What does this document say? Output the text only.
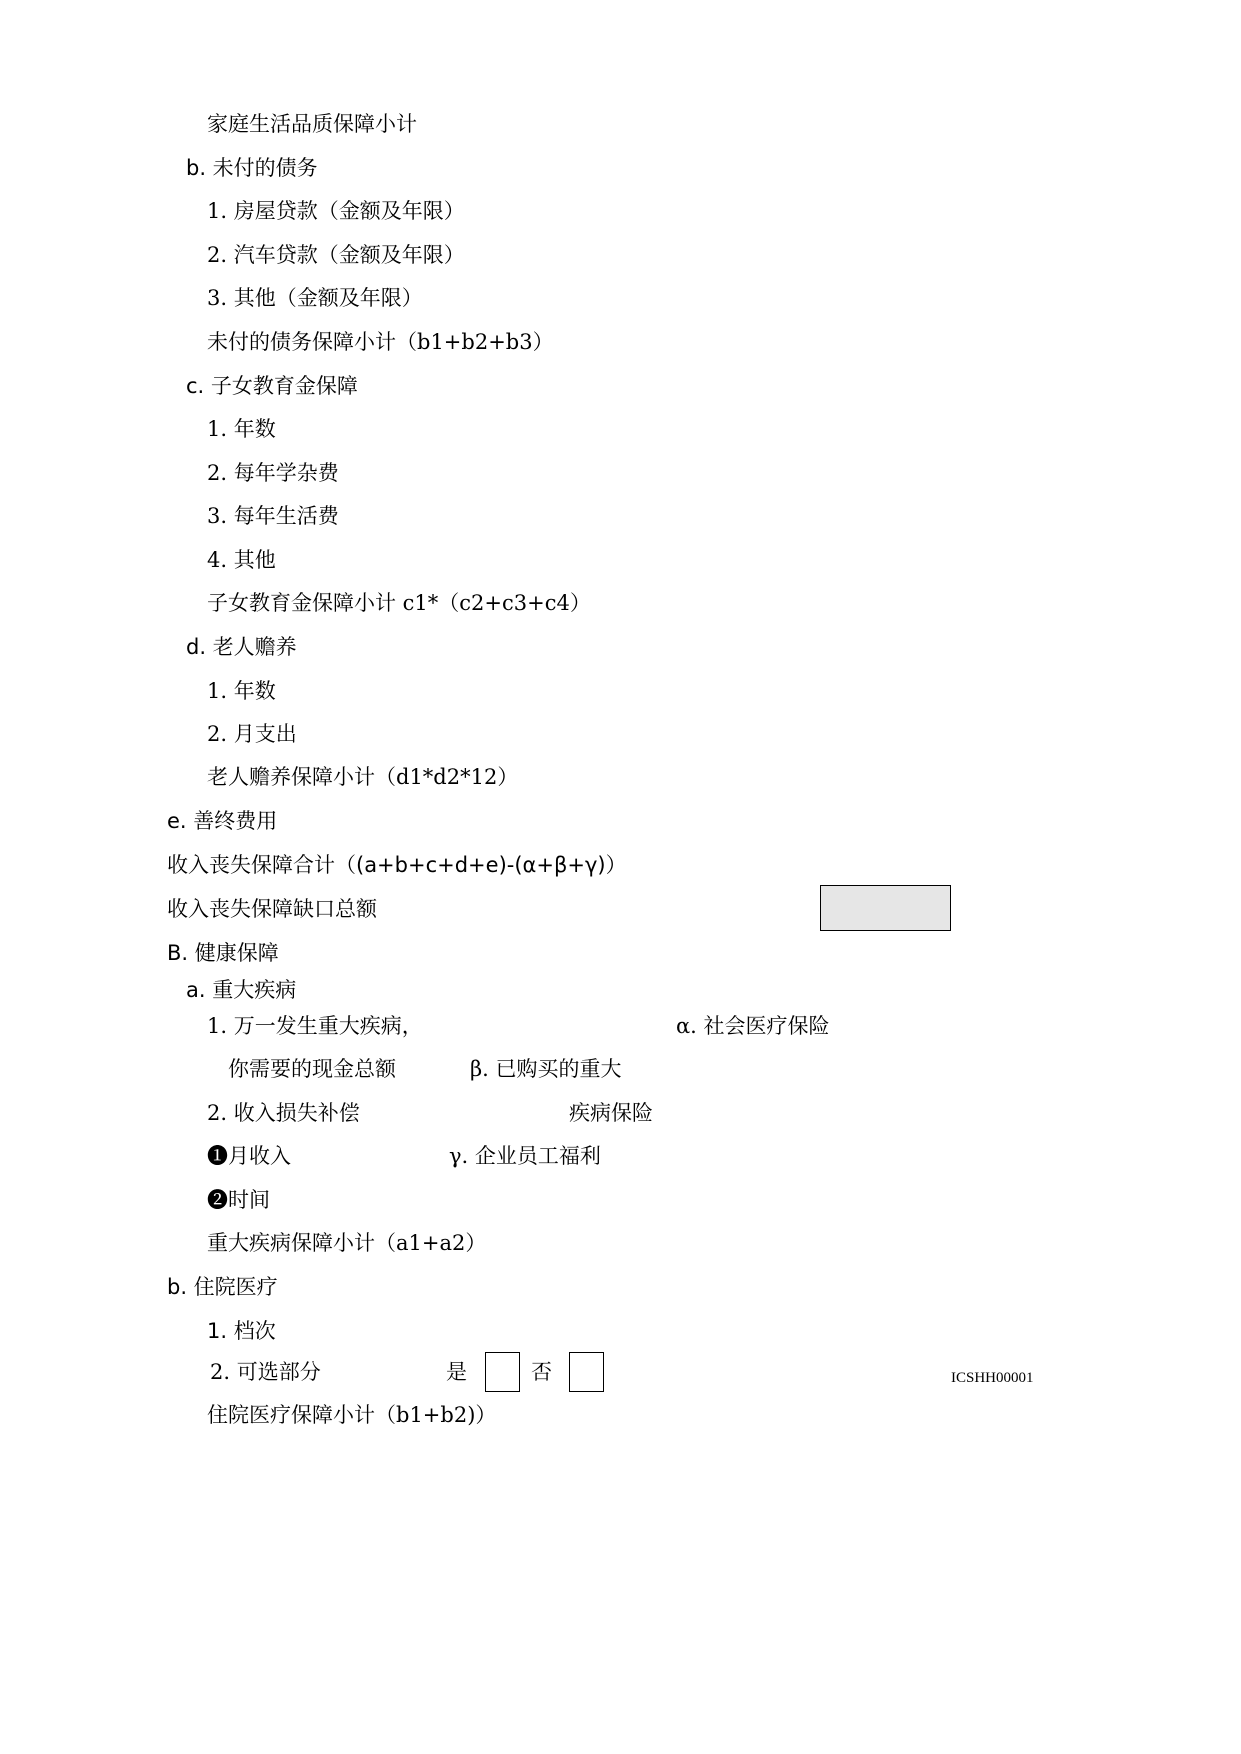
家庭生活品质保障小计
b. 未付的债务
1. 房屋贷款（金额及年限）
2. 汽车贷款（金额及年限）
3. 其他（金额及年限）
未付的债务保障小计（b1+b2+b3）
c. 子女教育金保障
1. 年数
2. 每年学杂费
3. 每年生活费
4. 其他
子女教育金保障小计 c1*（c2+c3+c4）
d. 老人赡养
1. 年数
2. 月支出
老人赡养保障小计（d1*d2*12）
e. 善终费用
收入丧失保障合计（(a+b+c+d+e)-(α+β+γ)）
收入丧失保障缺口总额
B. 健康保障
a. 重大疾病
1. 万一发生重大疾病，	α. 社会医疗保险
你需要的现金总额	β. 已购买的重大
2. 收入损失补偿	疾病保险
❶月收入	γ. 企业员工福利
❷时间
重大疾病保障小计（a1+a2）
b. 住院医疗
1. 档次
2. 可选部分	是	否	ICSHH00001
住院医疗保障小计（b1+b2)）
